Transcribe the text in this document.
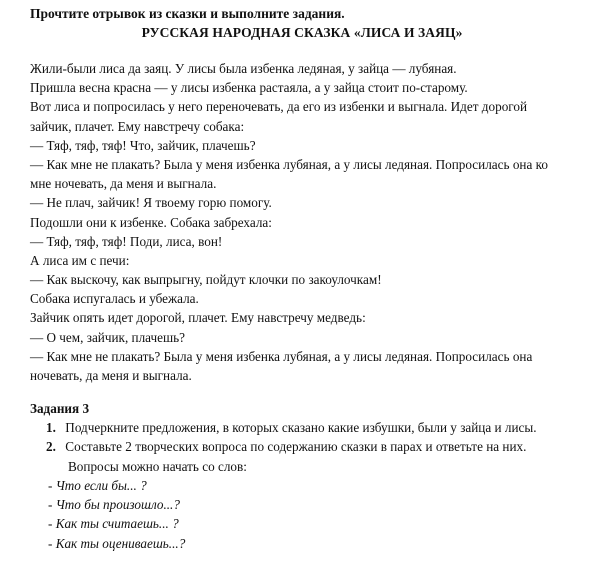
Прочтите отрывок из сказки и выполните задания.
РУССКАЯ НАРОДНАЯ СКАЗКА «ЛИСА И ЗАЯЦ»
Жили-были лиса да заяц. У лисы была избенка ледяная, у зайца — лубяная.
Пришла весна красна — у лисы избенка растаяла, а у зайца стоит по-старому.
Вот лиса и попросилась у него переночевать, да его из избенки и выгнала. Идет дорогой
зайчик, плачет. Ему навстречу собака:
— Тяф, тяф, тяф! Что, зайчик, плачешь?
— Как мне не плакать? Была у меня избенка лубяная, а у лисы ледяная. Попросилась она ко
мне ночевать, да меня и выгнала.
— Не плач, зайчик! Я твоему горю помогу.
Подошли они к избенке. Собака забрехала:
— Тяф, тяф, тяф! Поди, лиса, вон!
А лиса им с печи:
— Как выскочу, как выпрыгну, пойдут клочки по закоулочкам!
Собака испугалась и убежала.
Зайчик опять идет дорогой, плачет. Ему навстречу медведь:
— О чем, зайчик, плачешь?
— Как мне не плакать? Была у меня избенка лубяная, а у лисы ледяная. Попросилась она
ночевать, да меня и выгнала.
Задания 3
1. Подчеркните предложения, в которых сказано какие избушки, были у зайца и лисы.
2. Составьте 2 творческих вопроса по содержанию сказки в парах и ответьте на них.
Вопросы можно начать со слов:
- Что если бы... ?
- Что бы произошло...?
- Как ты считаешь... ?
- Как ты оцениваешь...?
